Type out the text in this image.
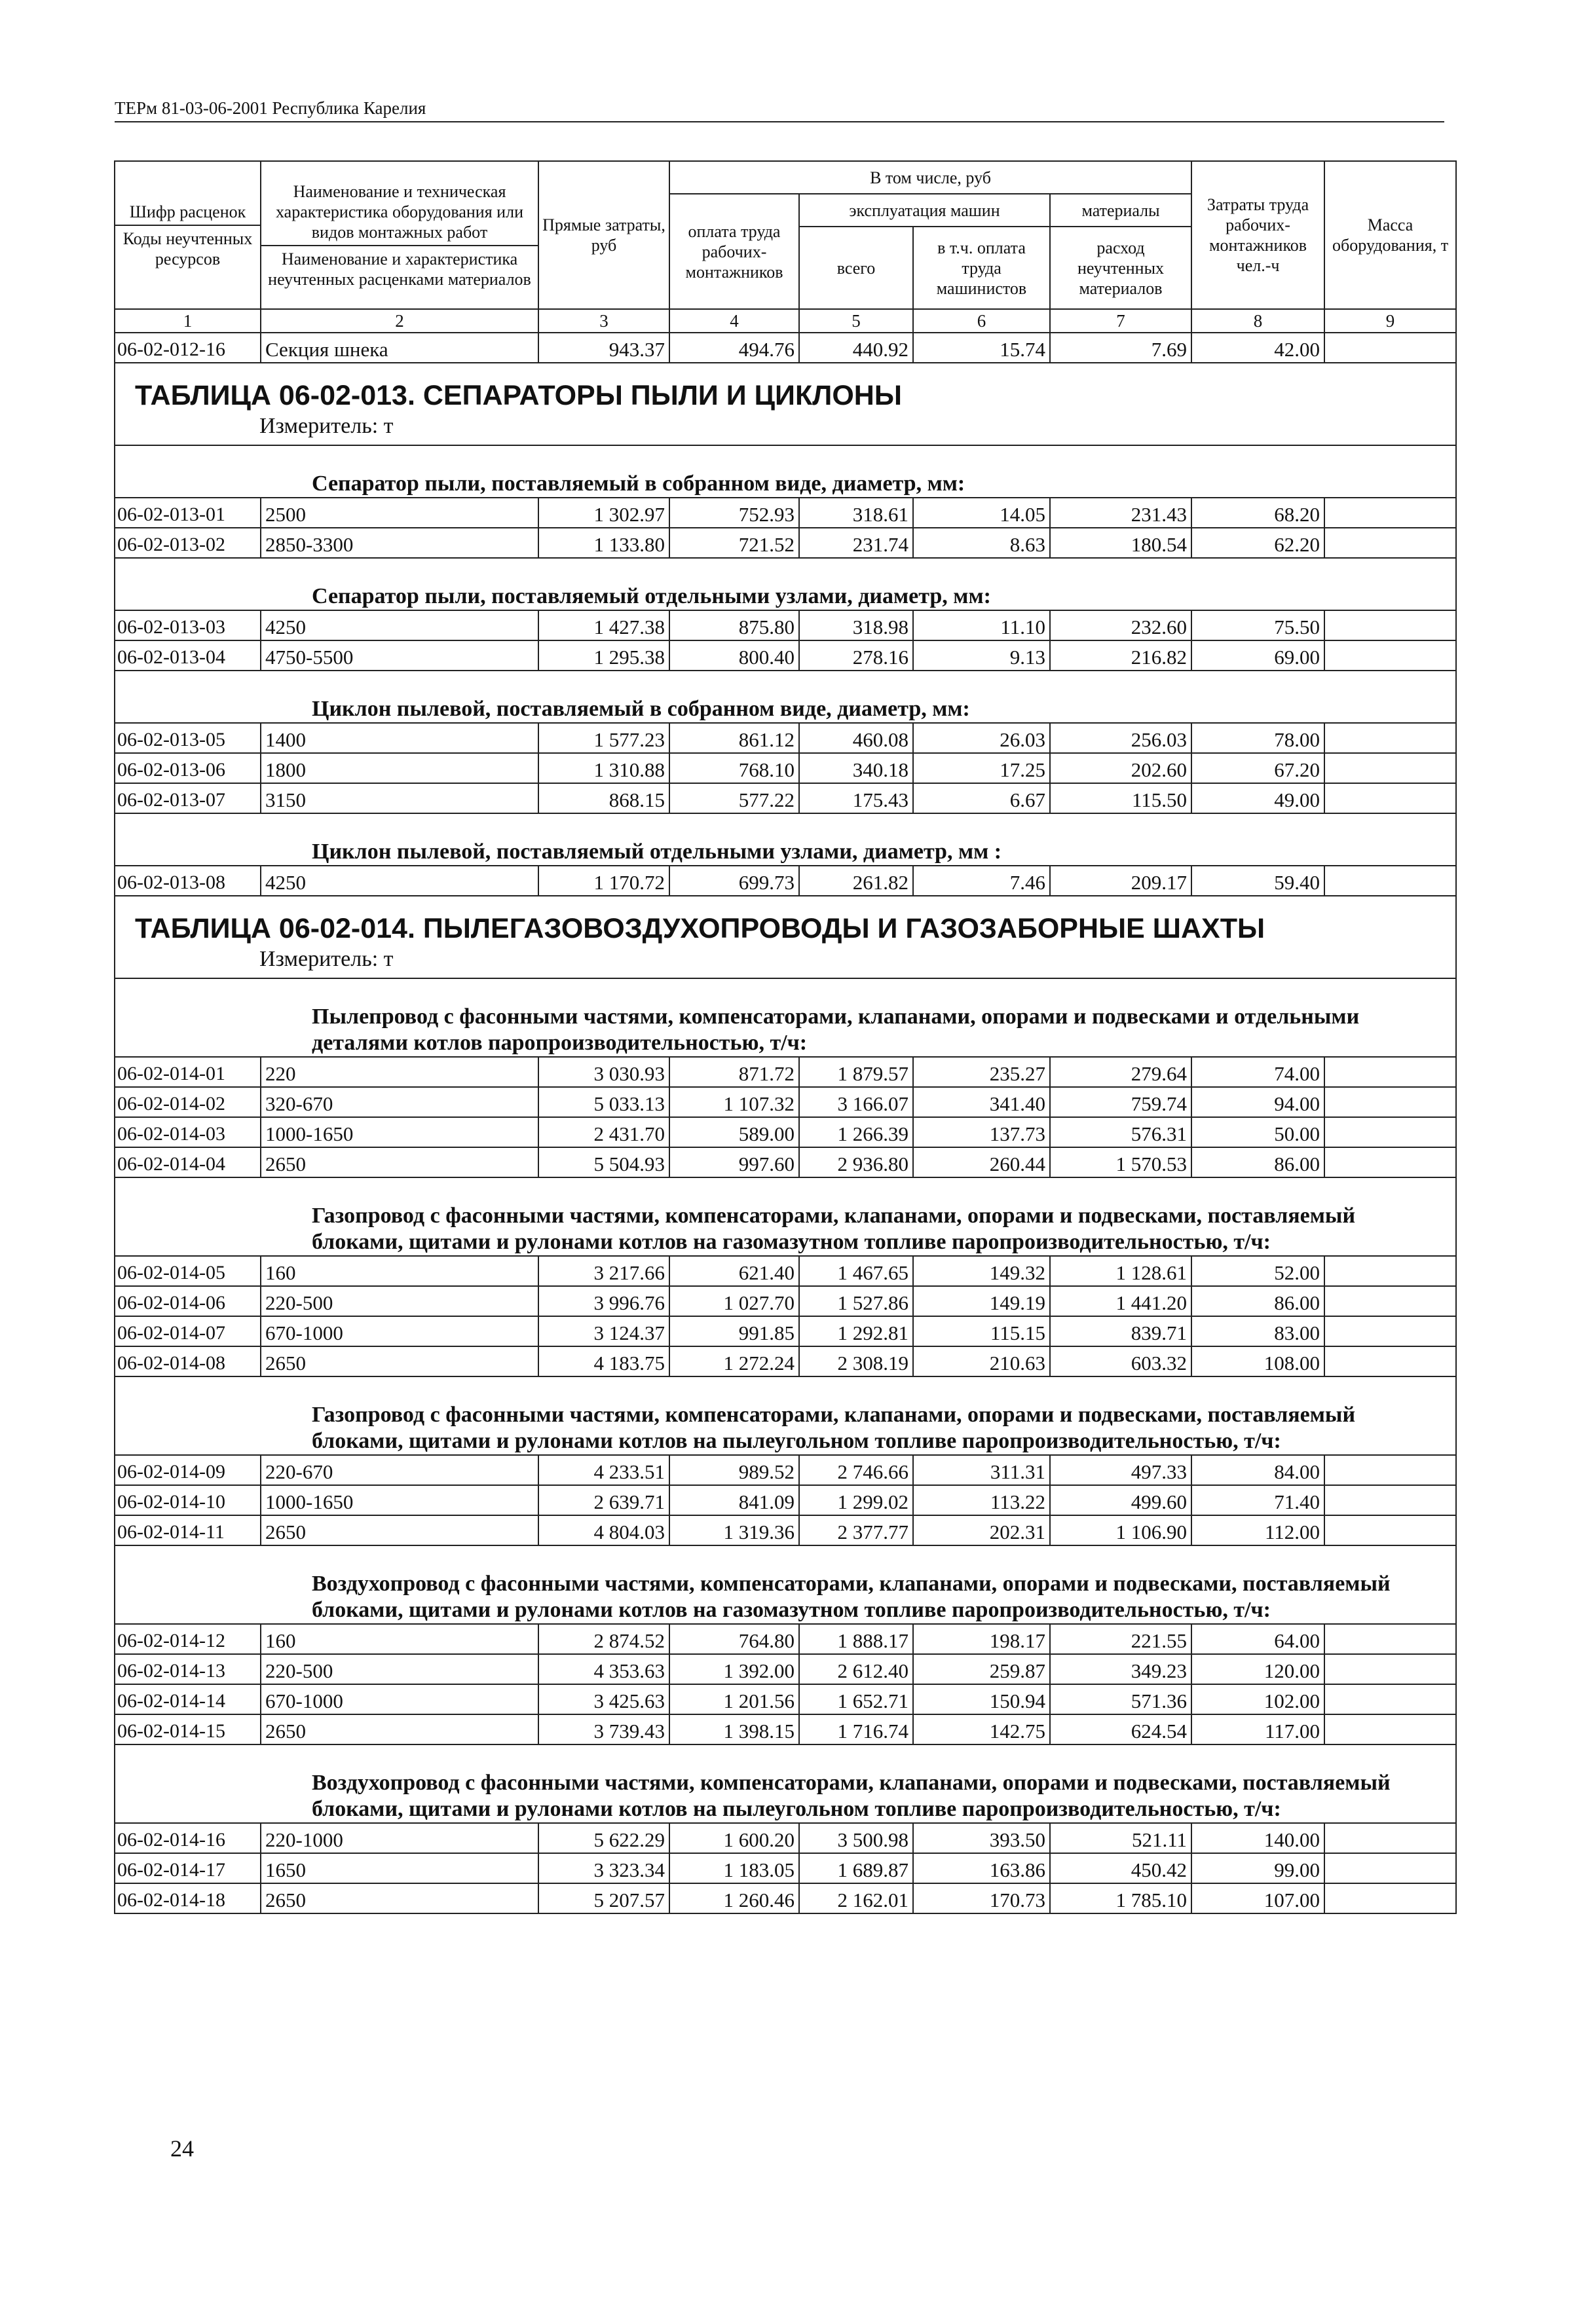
ТЕРм 81-03-06-2001 Республика Карелия
Шифр расценок
Коды неучтенных ресурсов	Наименование и техническая характеристика оборудования или видов монтажных работ
Наименование и характеристика неучтенных расценками материалов	Прямые затраты, руб	В том числе, руб				Затраты труда рабочих-монтажников чел.-ч	Масса оборудования, т
			оплата труда рабочих-монтажников	эксплуатация машин		материалы		
				всего	в т.ч. оплата труда машинистов	расход неучтенных материалов		
1	2	3	4	5	6	7	8	9
06-02-012-16	Секция шнека	943.37	494.76	440.92	15.74	7.69	42.00	
ТАБЛИЦА 06-02-013. СЕПАРАТОРЫ ПЫЛИ И ЦИКЛОНЫ								
Измеритель: т								
Сепаратор пыли, поставляемый в собранном виде, диаметр, мм:								
06-02-013-01	2500	1 302.97	752.93	318.61	14.05	231.43	68.20	
06-02-013-02	2850-3300	1 133.80	721.52	231.74	8.63	180.54	62.20	
Сепаратор пыли, поставляемый отдельными узлами, диаметр, мм:								
06-02-013-03	4250	1 427.38	875.80	318.98	11.10	232.60	75.50	
06-02-013-04	4750-5500	1 295.38	800.40	278.16	9.13	216.82	69.00	
Циклон пылевой, поставляемый в собранном виде, диаметр, мм:								
06-02-013-05	1400	1 577.23	861.12	460.08	26.03	256.03	78.00	
06-02-013-06	1800	1 310.88	768.10	340.18	17.25	202.60	67.20	
06-02-013-07	3150	868.15	577.22	175.43	6.67	115.50	49.00	
Циклон пылевой, поставляемый отдельными узлами, диаметр, мм :								
06-02-013-08	4250	1 170.72	699.73	261.82	7.46	209.17	59.40	
ТАБЛИЦА 06-02-014. ПЫЛЕГАЗОВОЗДУХОПРОВОДЫ И ГАЗОЗАБОРНЫЕ ШАХТЫ								
Измеритель: т								
Пылепровод с фасонными частями, компенсаторами, клапанами, опорами и подвесками и отдельными деталями котлов паропроизводительностью, т/ч:								
06-02-014-01	220	3 030.93	871.72	1 879.57	235.27	279.64	74.00	
06-02-014-02	320-670	5 033.13	1 107.32	3 166.07	341.40	759.74	94.00	
06-02-014-03	1000-1650	2 431.70	589.00	1 266.39	137.73	576.31	50.00	
06-02-014-04	2650	5 504.93	997.60	2 936.80	260.44	1 570.53	86.00	
Газопровод с фасонными частями, компенсаторами, клапанами, опорами и подвесками, поставляемый блоками, щитами и рулонами котлов на газомазутном топливе паропроизводительностью, т/ч:								
06-02-014-05	160	3 217.66	621.40	1 467.65	149.32	1 128.61	52.00	
06-02-014-06	220-500	3 996.76	1 027.70	1 527.86	149.19	1 441.20	86.00	
06-02-014-07	670-1000	3 124.37	991.85	1 292.81	115.15	839.71	83.00	
06-02-014-08	2650	4 183.75	1 272.24	2 308.19	210.63	603.32	108.00	
Газопровод с фасонными частями, компенсаторами, клапанами, опорами и подвесками, поставляемый блоками, щитами и рулонами котлов на пылеугольном топливе паропроизводительностью, т/ч:								
06-02-014-09	220-670	4 233.51	989.52	2 746.66	311.31	497.33	84.00	
06-02-014-10	1000-1650	2 639.71	841.09	1 299.02	113.22	499.60	71.40	
06-02-014-11	2650	4 804.03	1 319.36	2 377.77	202.31	1 106.90	112.00	
Воздухопровод с фасонными частями, компенсаторами, клапанами, опорами и подвесками, поставляемый блоками, щитами и рулонами котлов на газомазутном топливе паропроизводительностью, т/ч:								
06-02-014-12	160	2 874.52	764.80	1 888.17	198.17	221.55	64.00	
06-02-014-13	220-500	4 353.63	1 392.00	2 612.40	259.87	349.23	120.00	
06-02-014-14	670-1000	3 425.63	1 201.56	1 652.71	150.94	571.36	102.00	
06-02-014-15	2650	3 739.43	1 398.15	1 716.74	142.75	624.54	117.00	
Воздухопровод с фасонными частями, компенсаторами, клапанами, опорами и подвесками, поставляемый блоками, щитами и рулонами котлов на пылеугольном топливе паропроизводительностью, т/ч:								
06-02-014-16	220-1000	5 622.29	1 600.20	3 500.98	393.50	521.11	140.00	
06-02-014-17	1650	3 323.34	1 183.05	1 689.87	163.86	450.42	99.00	
06-02-014-18	2650	5 207.57	1 260.46	2 162.01	170.73	1 785.10	107.00	
24
